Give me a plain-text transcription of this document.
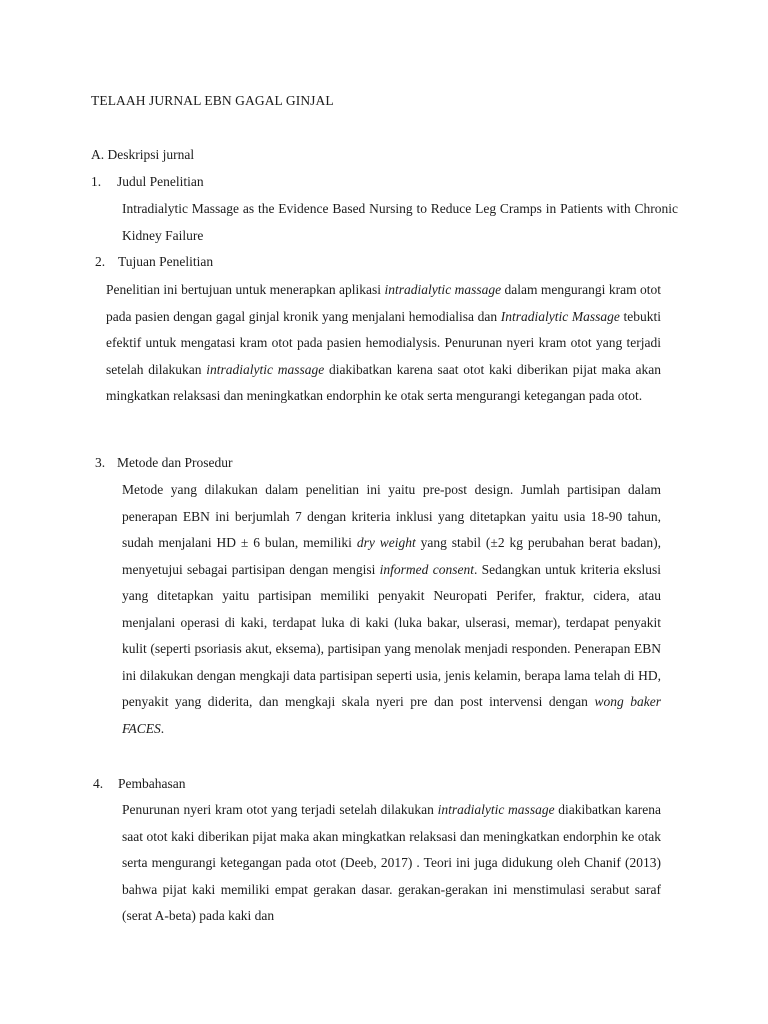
TELAAH JURNAL EBN GAGAL GINJAL
A. Deskripsi jurnal
1. Judul Penelitian

Intradialytic Massage as the Evidence Based Nursing to Reduce Leg Cramps in Patients with Chronic Kidney Failure

2. Tujuan Penelitian

Penelitian ini bertujuan untuk menerapkan aplikasi intradialytic massage dalam mengurangi kram otot pada pasien dengan gagal ginjal kronik yang menjalani hemodialisa dan Intradialytic Massage tebukti efektif untuk mengatasi kram otot pada pasien hemodialysis. Penurunan nyeri kram otot yang terjadi setelah dilakukan intradialytic massage diakibatkan karena saat otot kaki diberikan pijat maka akan mingkatkan relaksasi dan meningkatkan endorphin ke otak serta mengurangi ketegangan pada otot.

3. Metode dan Prosedur

Metode yang dilakukan dalam penelitian ini yaitu pre-post design. Jumlah partisipan dalam penerapan EBN ini berjumlah 7 dengan kriteria inklusi yang ditetapkan yaitu usia 18-90 tahun, sudah menjalani HD ± 6 bulan, memiliki dry weight yang stabil (±2 kg perubahan berat badan), menyetujui sebagai partisipan dengan mengisi informed consent. Sedangkan untuk kriteria ekslusi yang ditetapkan yaitu partisipan memiliki penyakit Neuropati Perifer, fraktur, cidera, atau menjalani operasi di kaki, terdapat luka di kaki (luka bakar, ulserasi, memar), terdapat penyakit kulit (seperti psoriasis akut, eksema), partisipan yang menolak menjadi responden. Penerapan EBN ini dilakukan dengan mengkaji data partisipan seperti usia, jenis kelamin, berapa lama telah di HD, penyakit yang diderita, dan mengkaji skala nyeri pre dan post intervensi dengan wong baker FACES.

4. Pembahasan

Penurunan nyeri kram otot yang terjadi setelah dilakukan intradialytic massage diakibatkan karena saat otot kaki diberikan pijat maka akan mingkatkan relaksasi dan meningkatkan endorphin ke otak serta mengurangi ketegangan pada otot (Deeb, 2017) . Teori ini juga didukung oleh Chanif (2013) bahwa pijat kaki memiliki empat gerakan dasar. gerakan-gerakan ini menstimulasi serabut saraf (serat A-beta) pada kaki dan
